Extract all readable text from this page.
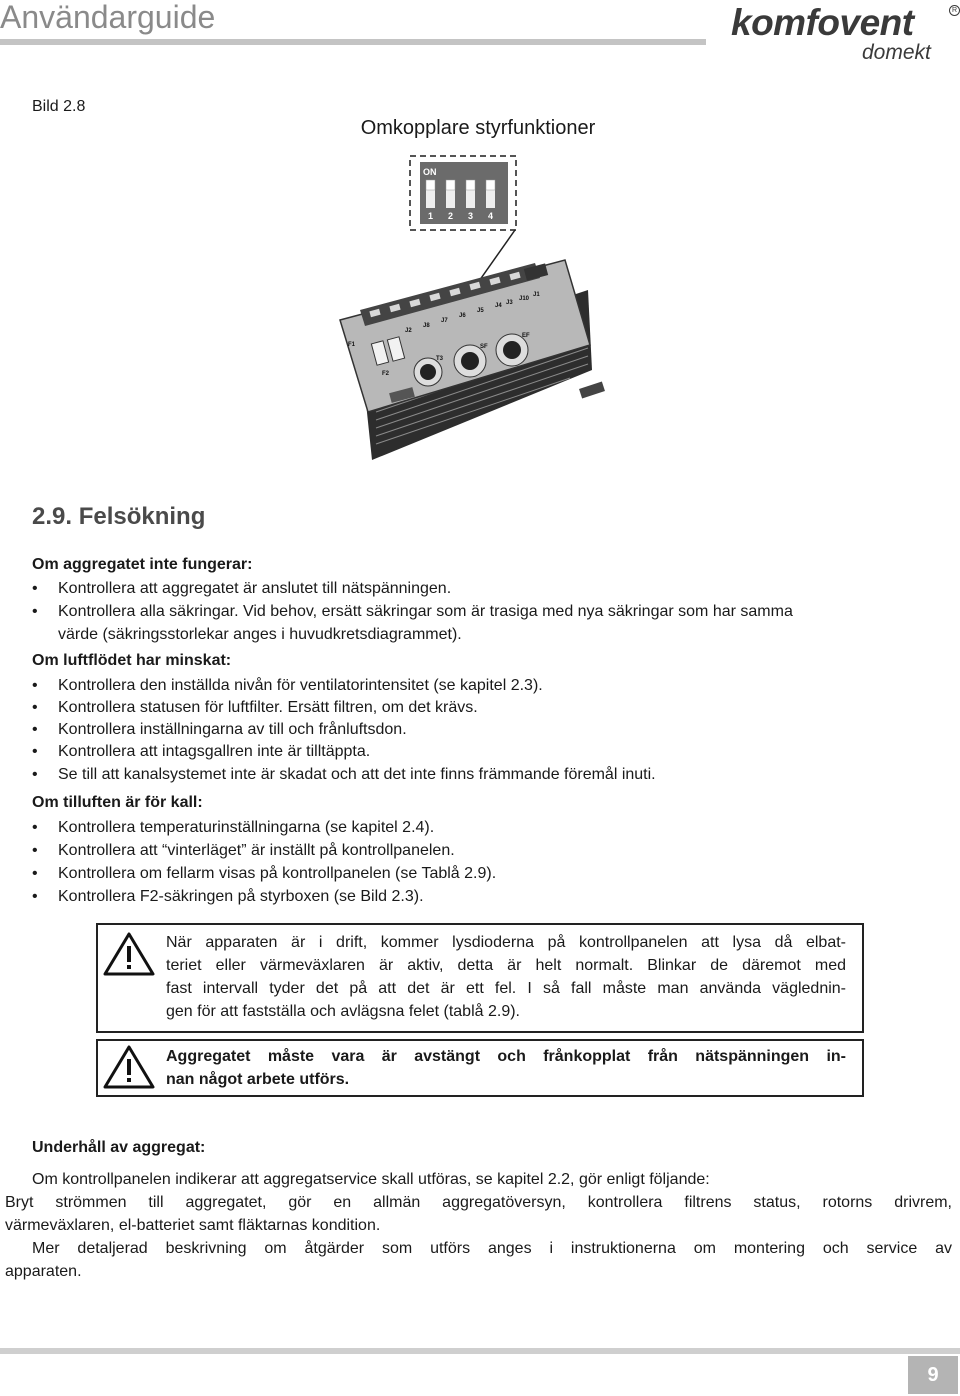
Användarguide	komfovent	R
domekt
Bild 2.8
Omkopplare styrfunktioner
ON
1 2 3 4
F1
F2
J2
J8
J7
J6
J5
J4 J3
J10
J1
T3
SF
EF
2.9. Felsökning
Om aggregatet inte fungerar:
• Kontrollera att aggregatet är anslutet till nätspänningen.
• Kontrollera alla säkringar. Vid behov, ersätt säkringar som är trasiga med nya säkringar som har samma
värde (säkringsstorlekar anges i huvudkretsdiagrammet).
Om luftflödet har minskat:
• Kontrollera den inställda nivån för ventilatorintensitet (se kapitel 2.3).
• Kontrollera statusen för luftfilter. Ersätt filtren, om det krävs.
• Kontrollera inställningarna av till och frånluftsdon.
• Kontrollera att intagsgallren inte är tilltäppta.
• Se till att kanalsystemet inte är skadat och att det inte finns främmande föremål inuti.
Om tilluften är för kall:
• Kontrollera temperaturinställningarna (se kapitel 2.4).
• Kontrollera att “vinterläget” är inställt på kontrollpanelen.
• Kontrollera om fellarm visas på kontrollpanelen (se Tablå 2.9).
• Kontrollera F2-säkringen på styrboxen (se Bild 2.3).
När apparaten är i drift, kommer lysdioderna på kontrollpanelen att lysa då elbat-
teriet eller värmeväxlaren är aktiv, detta är helt normalt. Blinkar de däremot med
fast intervall tyder det på att det är ett fel. I så fall måste man använda väglednin-
gen för att fastställa och avlägsna felet (tablå 2.9).
Aggregatet måste vara är avstängt och frånkopplat från nätspänningen in-
nan något arbete utförs.
Underhåll av aggregat:
Om kontrollpanelen indikerar att aggregatservice skall utföras, se kapitel 2.2, gör enligt följande:
Bryt strömmen till aggregatet, gör en allmän aggregatöversyn, kontrollera filtrens status, rotorns drivrem,
värmeväxlaren, el-batteriet samt fläktarnas kondition.
Mer detaljerad beskrivning om åtgärder som utförs anges i instruktionerna om montering och service av
apparaten.
9
